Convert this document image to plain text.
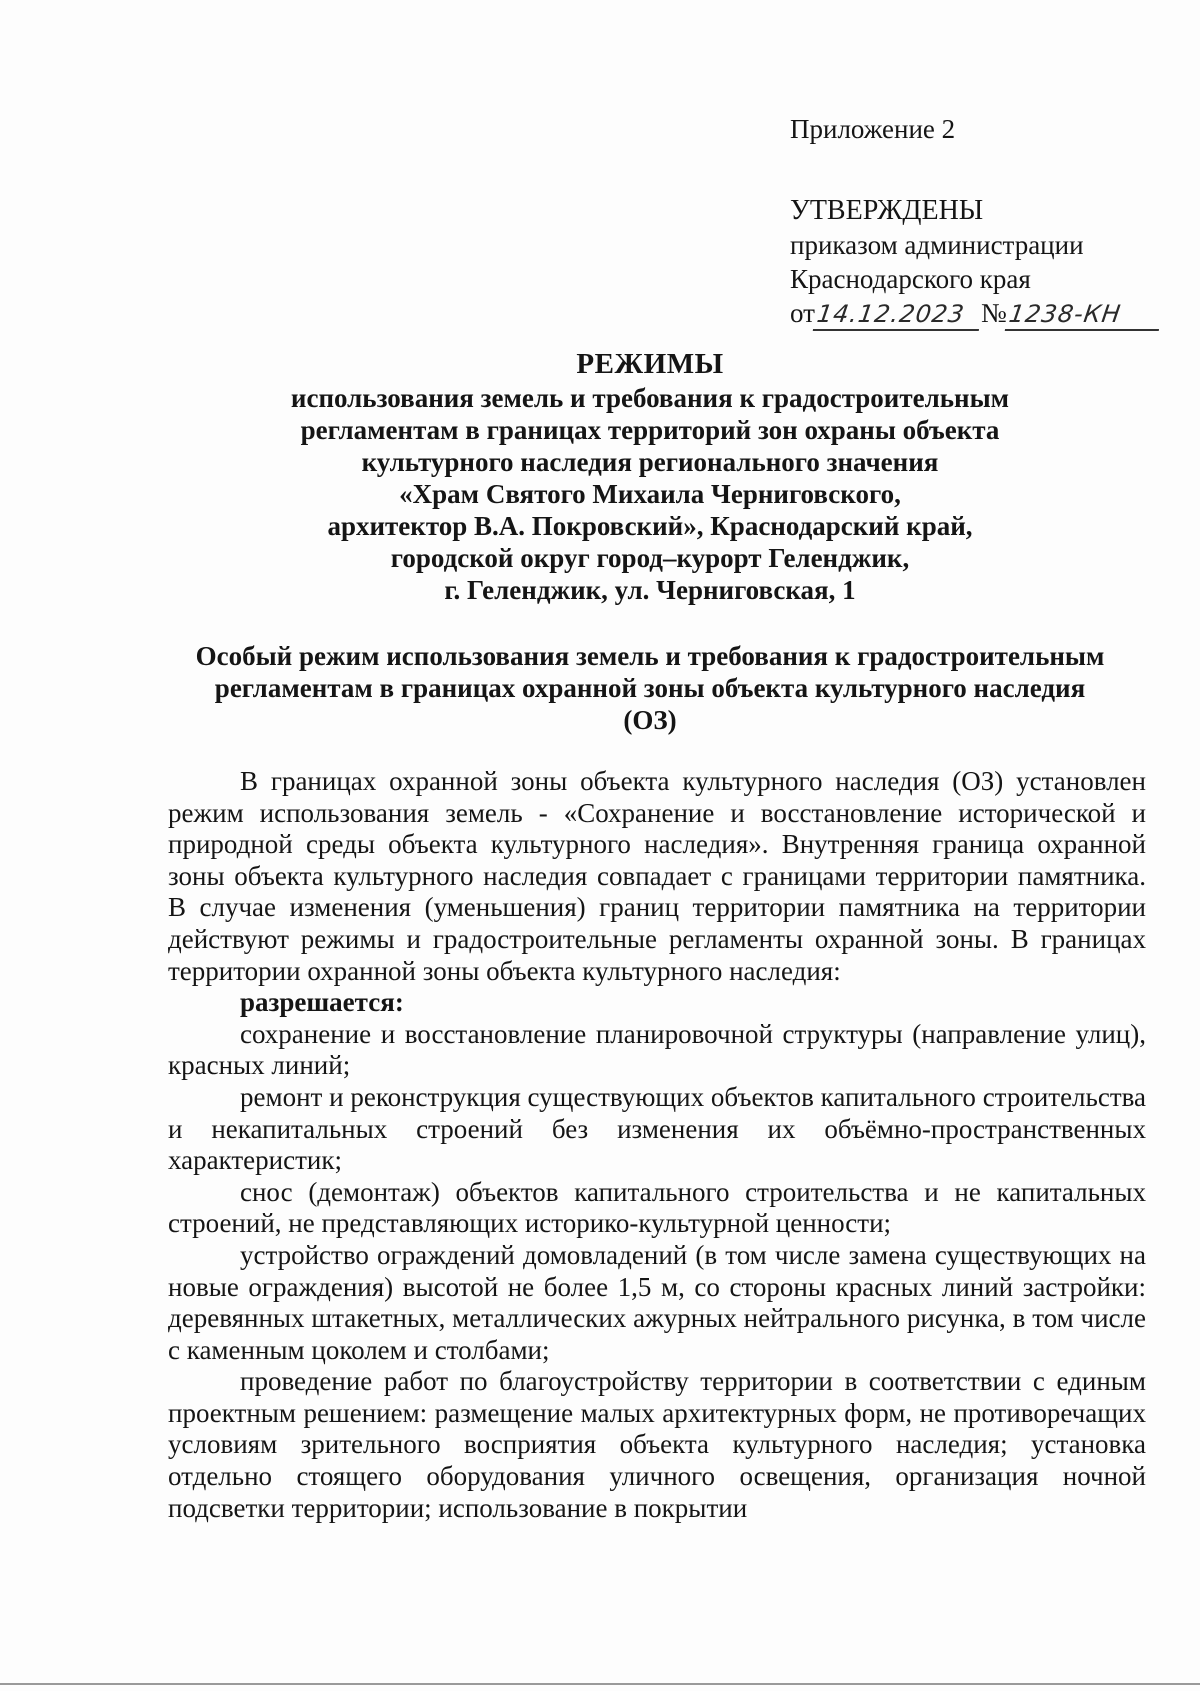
Приложение 2
УТВЕРЖДЕНЫ
приказом администрации
Краснодарского края
от14.12.2023 №1238-КН
РЕЖИМЫ
использования земель и требования к градостроительным
регламентам в границах территорий зон охраны объекта
культурного наследия регионального значения
«Храм Святого Михаила Черниговского,
архитектор В.А. Покровский», Краснодарский край,
городской округ город–курорт Геленджик,
г. Геленджик, ул. Черниговская, 1
Особый режим использования земель и требования к градостроительным
регламентам в границах охранной зоны объекта культурного наследия
(ОЗ)

В границах охранной зоны объекта культурного наследия (ОЗ) установлен режим использования земель - «Сохранение и восстановление исторической и природной среды объекта культурного наследия». Внутренняя граница охранной зоны объекта культурного наследия совпадает с границами территории памятника. В случае изменения (уменьшения) границ территории памятника на территории действуют режимы и градостроительные регламенты охранной зоны. В границах территории охранной зоны объекта культурного наследия:

разрешается:

сохранение и восстановление планировочной структуры (направление улиц), красных линий;

ремонт и реконструкция существующих объектов капитального строительства и некапитальных строений без изменения их объёмно-пространственных характеристик;

снос (демонтаж) объектов капитального строительства и не капитальных строений, не представляющих историко-культурной ценности;

устройство ограждений домовладений (в том числе замена существующих на новые ограждения) высотой не более 1,5 м, со стороны красных линий застройки: деревянных штакетных, металлических ажурных нейтрального рисунка, в том числе с каменным цоколем и столбами;

проведение работ по благоустройству территории в соответствии с единым проектным решением: размещение малых архитектурных форм, не противоречащих условиям зрительного восприятия объекта культурного наследия; установка отдельно стоящего оборудования уличного освещения, организация ночной подсветки территории; использование в покрытии
